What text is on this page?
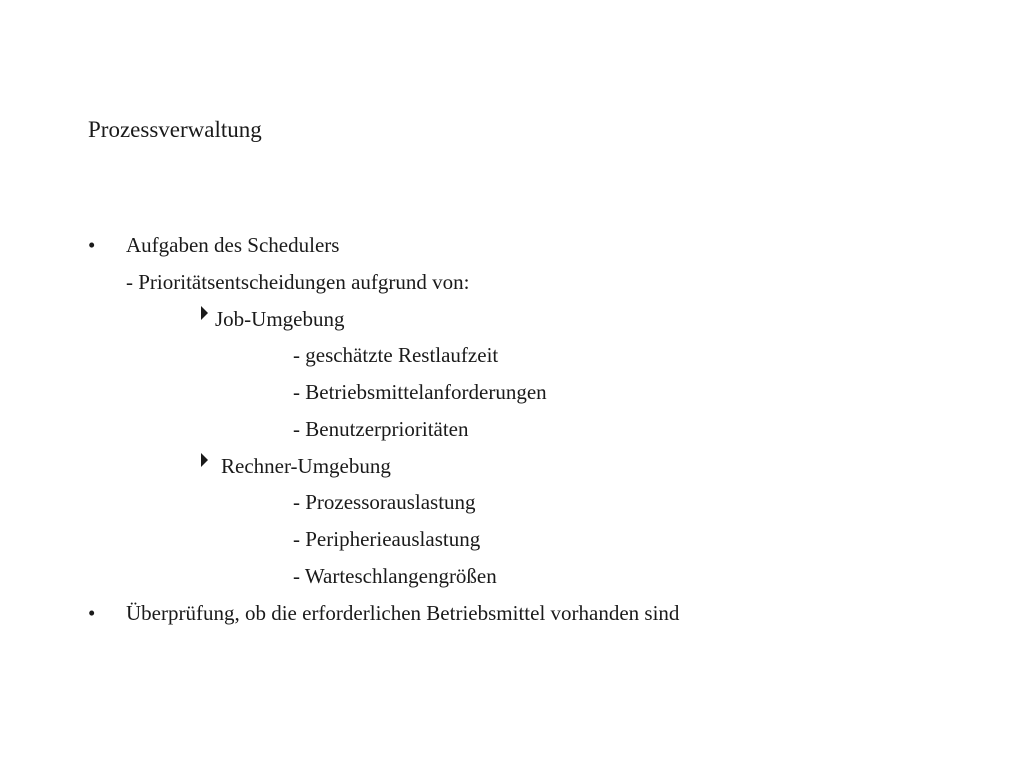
Prozessverwaltung
• Aufgaben des Schedulers
- Prioritätsentscheidungen aufgrund von:
Job-Umgebung
- geschätzte Restlaufzeit
- Betriebsmittelanforderungen
- Benutzerprioritäten
Rechner-Umgebung
- Prozessorauslastung
- Peripherieauslastung
- Warteschlangengrößen
• Überprüfung, ob die erforderlichen Betriebsmittel vorhanden sind
